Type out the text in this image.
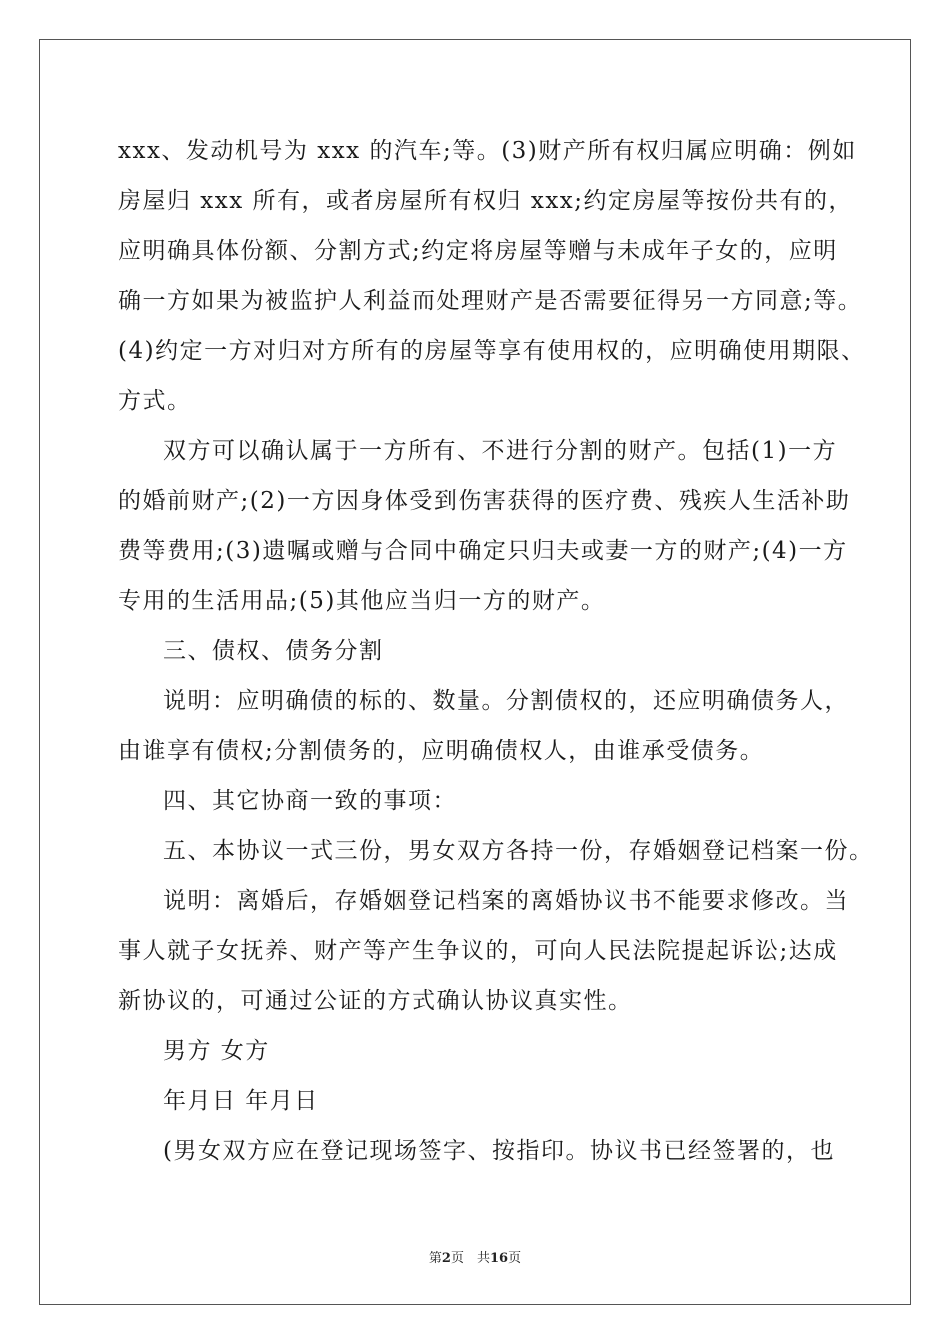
xxx、发动机号为 xxx 的汽车;等。(3)财产所有权归属应明确：例如
房屋归 xxx 所有，或者房屋所有权归 xxx;约定房屋等按份共有的，
应明确具体份额、分割方式;约定将房屋等赠与未成年子女的，应明
确一方如果为被监护人利益而处理财产是否需要征得另一方同意;等。
(4)约定一方对归对方所有的房屋等享有使用权的，应明确使用期限、
方式。
双方可以确认属于一方所有、不进行分割的财产。包括(1)一方
的婚前财产;(2)一方因身体受到伤害获得的医疗费、残疾人生活补助
费等费用;(3)遗嘱或赠与合同中确定只归夫或妻一方的财产;(4)一方
专用的生活用品;(5)其他应当归一方的财产。
三、债权、债务分割
说明：应明确债的标的、数量。分割债权的，还应明确债务人，
由谁享有债权;分割债务的，应明确债权人，由谁承受债务。
四、其它协商一致的事项：
五、本协议一式三份，男女双方各持一份，存婚姻登记档案一份。
说明：离婚后，存婚姻登记档案的离婚协议书不能要求修改。当
事人就子女抚养、财产等产生争议的，可向人民法院提起诉讼;达成
新协议的，可通过公证的方式确认协议真实性。
男方 女方
年月日 年月日
(男女双方应在登记现场签字、按指印。协议书已经签署的，也
第2页　共16页
